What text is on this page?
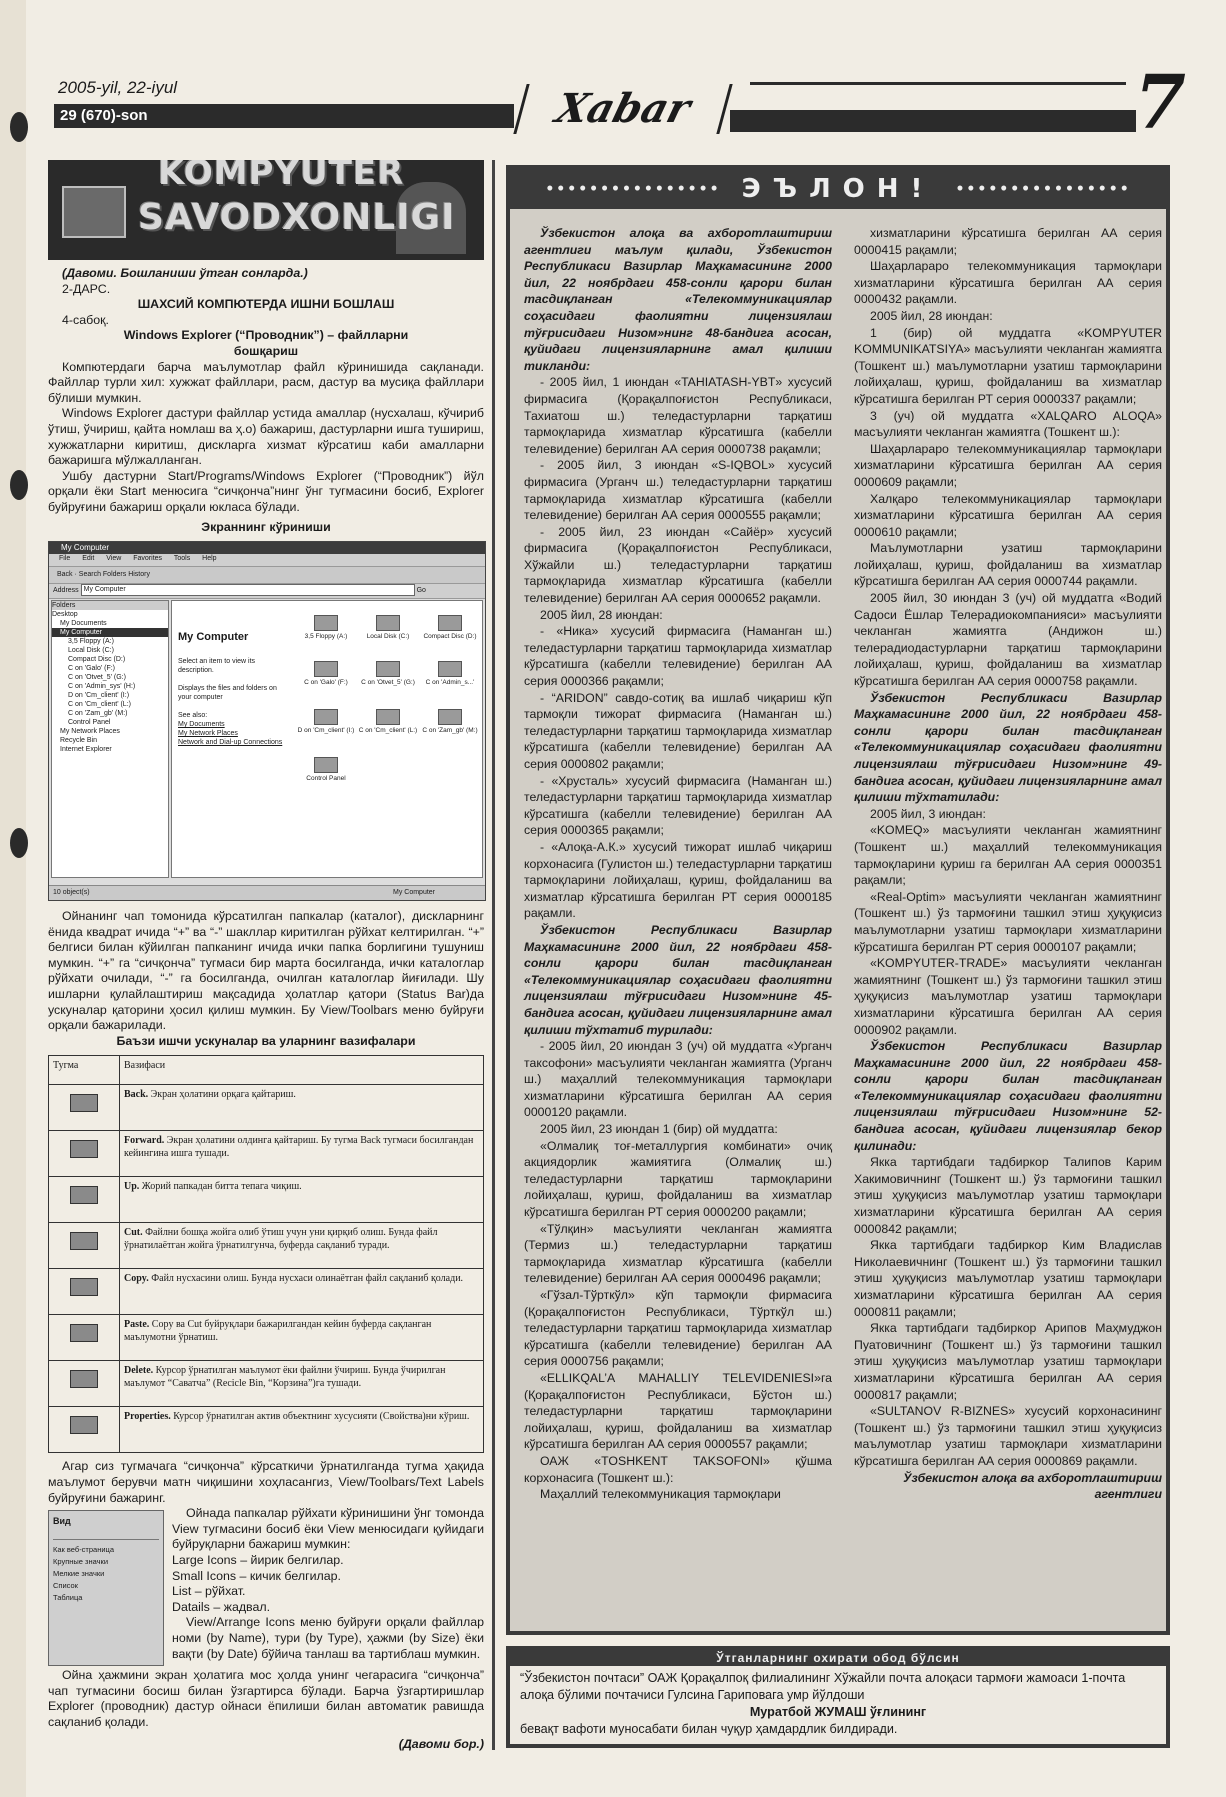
2005-yil, 22-iyul
29 (670)-son	Xabar	7
KOMPYUTER
SAVODXONLIGI

(Давоми. Бошланиши ўтган сонларда.)

2-ДАРС.

ШАХСИЙ КОМПЮТЕРДА ИШНИ БОШЛАШ

4-сабоқ.

Windows Explorer (“Проводник”) – файлларни бошқариш

Компютердаги барча маълумотлар файл кўринишида сақланади. Файллар турли хил: хужжат файллари, расм, дастур ва мусиқа файллари бўлиши мумкин.

Windows Explorer дастури файллар устида амаллар (нусхалаш, кўчириб ўтиш, ўчириш, қайта номлаш ва ҳ.о) бажариш, дастурларни ишга тушириш, хужжатларни киритиш, дискларга хизмат кўрсатиш каби амалларни бажаришга мўлжалланган.

Ушбу дастурни Start/Programs/Windows Explorer (“Проводник”) йўл орқали ёки Start менюсига “сичқонча”нинг ўнг тугмасини босиб, Explorer буйруғини бажариш орқали юкласа бўлади.

Экраннинг кўриниши

My Computer
File Edit View Favorites Tools Help
Back · Search Folders History
Address My Computer	Go
Folders
Desktop
My Documents
My Computer
3,5 Floppy (A:)
Local Disk (C:)
Compact Disc (D:)
C on 'Galo' (F:)
C on 'Otvet_5' (G:)
C on 'Admin_sys' (H:)
D on 'Cm_client' (I:)
C on 'Cm_client' (L:)
C on 'Zam_gb' (M:)
Control Panel
My Network Places
Recycle Bin
Internet Explorer
My Computer
Select an item to view its description.

Displays the files and folders on your computer

See also:
My Documents
My Network Places
Network and Dial-up Connections
3,5 Floppy (A:)	Local Disk (C:)	Compact Disc (D:)
C on 'Galo' (F:)	C on 'Otvet_5' (G:)	C on 'Admin_s...'
D on 'Cm_client' (I:) C on 'Cm_client' (L:) C on 'Zam_gb' (M:)
Control Panel
10 object(s)	My Computer

Ойнанинг чап томонида кўрсатилган папкалар (каталог), дискларнинг ёнида квадрат ичида “+” ва “-” шакллар киритилган рўйхат келтирилган. “+” белгиси билан кўйилган папканинг ичида ички папка борлигини тушуниш мумкин. “+” га “сичқонча” тугмаси бир марта босилганда, ички каталоглар рўйхати очилади, “-” га босилганда, очилган каталоглар йиғилади. Шу ишларни қулайлаштириш мақсадида ҳолатлар қатори (Status Bar)да ускуналар қаторини ҳосил қилиш мумкин. Бу View/Toolbars меню буйруғи орқали бажарилади.

Баъзи ишчи ускуналар ва уларнинг вазифалари

Тугма	Вазифаси

	Back. Экран ҳолатини орқага қайтариш.

	Forward. Экран ҳолатини олдинга қайтариш. Бу тугма Back тугмаси босилгандан кейингина ишга тушади.

	Up. Жорий папкадан битта тепага чиқиш.

	Cut. Файлни бошқа жойга олиб ўтиш учун уни қирқиб олиш. Бунда файл ўрнатилаётган жойга ўрнатилгунча, буферда сақланиб туради.

	Copy. Файл нусхасини олиш. Бунда нусхаси олинаётган файл сақланиб қолади.

	Paste. Copy ва Cut буйруқлари бажарилгандан кейин буферда сақланган маълумотни ўрнатиш.

	Delete. Курсор ўрнатилган маълумот ёки файлни ўчириш. Бунда ўчирилган маълумот “Саватча” (Recicle Bin, “Корзина”)га тушади.

	Properties. Курсор ўрнатилган актив объектнинг хусусияти (Свойства)ни кўриш.

Агар сиз тугмачага “сичқонча” кўрсаткичи ўрнатилганда тугма ҳақида маълумот берувчи матн чиқишини хоҳласангиз, View/Toolbars/Text Labels буйруғини бажаринг.

Вид
Как веб-страница
Крупные значки
Мелкие значки
Список
Таблица

Ойнада папкалар рўйхати кўринишини ўнг томонда View тугмасини босиб ёки View менюсидаги қуйидаги буйруқларни бажариш мумкин:

Large Icons – йирик белгилар.
Small Icons – кичик белгилар.
List – рўйхат.
Datails – жадвал.

View/Arrange Icons меню буйруғи орқали файллар номи (by Name), тури (by Type), ҳажми (by Size) ёки вақти (by Date) бўйича танлаш ва тартиблаш мумкин.

Ойна ҳажмини экран ҳолатига мос ҳолда унинг чегарасига “сичқонча” чап тугмасини босиш билан ўзгартирса бўлади. Барча ўзгартиришлар Explorer (проводник) дастур ойнаси ёпилиши билан автоматик равишда сақланиб қолади.

(Давоми бор.)

•••••••••••••••• ЭЪЛОН! ••••••••••••••••

Ўзбекистон алоқа ва ахборотлаштириш агентлиги маълум қилади, Ўзбекистон Республикаси Вазирлар Маҳкамасининг 2000 йил, 22 ноябрдаги 458-сонли қарори билан тасдиқланган «Телекоммуникациялар соҳасидаги фаолиятни лицензиялаш тўғрисидаги Низом»нинг 48-бандига асосан, қуйидаги лицензияларнинг амал қилиши тикланди:

- 2005 йил, 1 июндан «TAHIATASH-YBT» хусусий фирмасига (Қорақалпоғистон Республикаси, Тахиатош ш.) теледастурларни тарқатиш тармоқларида хизматлар кўрсатишга (кабелли телевидение) берилган АА серия 0000738 рақамли;

- 2005 йил, 3 июндан «S-IQBOL» хусусий фирмасига (Урганч ш.) теледастурларни тарқатиш тармоқларида хизматлар кўрсатишга (кабелли телевидение) берилган АА серия 0000555 рақамли;

- 2005 йил, 23 июндан «Сайёр» хусусий фирмасига (Қорақалпоғистон Республикаси, Хўжайли ш.) теледастурларни тарқатиш тармоқларида хизматлар кўрсатишга (кабелли телевидение) берилган АА серия 0000652 рақамли.

2005 йил, 28 июндан:

- «Ника» хусусий фирмасига (Наманган ш.) теледастурларни тарқатиш тармоқларида хизматлар кўрсатишга (кабелли телевидение) берилган АА серия 0000366 рақамли;

- “ARIDON” савдо-сотиқ ва ишлаб чиқариш кўп тармоқли тижорат фирмасига (Наманган ш.) теледастурларни тарқатиш тармоқларида хизматлар кўрсатишга (кабелли телевидение) берилган АА серия 0000802 рақамли;

- «Хрусталь» хусусий фирмасига (Наманган ш.) теледастурларни тарқатиш тармоқларида хизматлар кўрсатишга (кабелли телевидение) берилган АА серия 0000365 рақамли;

- «Алоқа-А.К.» хусусий тижорат ишлаб чиқариш корхонасига (Гулистон ш.) теледастурларни тарқатиш тармоқларини лойиҳалаш, қуриш, фойдаланиш ва хизматлар кўрсатишга берилган РТ серия 0000185 рақамли.

Ўзбекистон Республикаси Вазирлар Маҳкамасининг 2000 йил, 22 ноябрдаги 458-сонли қарори билан тасдиқланган «Телекоммуникациялар соҳасидаги фаолиятни лицензиялаш тўғрисидаги Низом»нинг 45-бандига асосан, қуйидаги лицензияларнинг амал қилиши тўхтатиб турилади:

- 2005 йил, 20 июндан 3 (уч) ой муддатга «Урганч таксофони» масъулияти чекланган жамиятга (Урганч ш.) маҳаллий телекоммуникация тармоқлари хизматларини кўрсатишга берилган АА серия 0000120 рақамли.

2005 йил, 23 июндан 1 (бир) ой муддатга:

«Олмалиқ тоғ-металлургия комбинати» очиқ акциядорлик жамиятига (Олмалиқ ш.) теледастурларни тарқатиш тармоқларини лойиҳалаш, қуриш, фойдаланиш ва хизматлар кўрсатишга берилган РТ серия 0000200 рақамли;

«Тўлқин» масъулияти чекланган жамиятга (Термиз ш.) теледастурларни тарқатиш тармоқларида хизматлар кўрсатишга (кабелли телевидение) берилган АА серия 0000496 рақамли;

«Гўзал-Тўрткўл» кўп тармоқли фирмасига (Қорақалпоғистон Республикаси, Тўрткўл ш.) теледастурларни тарқатиш тармоқларида хизматлар кўрсатишга (кабелли телевидение) берилган АА серия 0000756 рақамли;

«ELLIKQAL’A MAHALLIY TELEVIDENIESI»га (Қорақалпоғистон Республикаси, Бўстон ш.) теледастурларни тарқатиш тармоқларини лойиҳалаш, қуриш, фойдаланиш ва хизматлар кўрсатишга берилган АА серия 0000557 рақамли;

ОАЖ «TOSHKENT TAKSOFONI» қўшма корхонасига (Тошкент ш.):

Маҳаллий телекоммуникация тармоқлари

хизматларини кўрсатишга берилган АА серия 0000415 рақамли;

Шаҳарлараро телекоммуникация тармоқлари хизматларини кўрсатишга берилган АА серия 0000432 рақамли.

2005 йил, 28 июндан:

1 (бир) ой муддатга «KOMPYUTER KOMMUNIKATSIYA» масъулияти чекланган жамиятга (Тошкент ш.) маълумотларни узатиш тармоқларини лойиҳалаш, қуриш, фойдаланиш ва хизматлар кўрсатишга берилган РТ серия 0000337 рақамли;

3 (уч) ой муддатга «XALQARO ALOQA» масъулияти чекланган жамиятга (Тошкент ш.):

Шаҳарлараро телекоммуникациялар тармоқлари хизматларини кўрсатишга берилган АА серия 0000609 рақамли;

Халқаро телекоммуникациялар тармоқлари хизматларини кўрсатишга берилган АА серия 0000610 рақамли;

Маълумотларни узатиш тармоқларини лойиҳалаш, қуриш, фойдаланиш ва хизматлар кўрсатишга берилган АА серия 0000744 рақамли.

2005 йил, 30 июндан 3 (уч) ой муддатга «Водий Садоси Ёшлар Телерадиокомпанияси» масъулияти чекланган жамиятга (Андижон ш.) телерадиодастурларни тарқатиш тармоқларини лойиҳалаш, қуриш, фойдаланиш ва хизматлар кўрсатишга берилган АА серия 0000758 рақамли.

Ўзбекистон Республикаси Вазирлар Маҳкамасининг 2000 йил, 22 ноябрдаги 458-сонли қарори билан тасдиқланган «Телекоммуникациялар соҳасидаги фаолиятни лицензиялаш тўғрисидаги Низом»нинг 49-бандига асосан, қуйидаги лицензияларнинг амал қилиши тўхтатилади:

2005 йил, 3 июндан:

«KOMEQ» масъулияти чекланган жамиятнинг (Тошкент ш.) маҳаллий телекоммуникация тармоқларини қуриш га берилган АА серия 0000351 рақамли;

«Real-Optim» масъулияти чекланган жамиятнинг (Тошкент ш.) ўз тармоғини ташкил этиш ҳуқуқисиз маълумотларни узатиш тармоқлари хизматларини кўрсатишга берилган РТ серия 0000107 рақамли;

«KOMPYUTER-TRADE» масъулияти чекланган жамиятнинг (Тошкент ш.) ўз тармоғини ташкил этиш ҳуқуқисиз маълумотлар узатиш тармоқлари хизматларини кўрсатишга берилган АА серия 0000902 рақамли.

Ўзбекистон Республикаси Вазирлар Маҳкамасининг 2000 йил, 22 ноябрдаги 458-сонли қарори билан тасдиқланган «Телекоммуникациялар соҳасидаги фаолиятни лицензиялаш тўғрисидаги Низом»нинг 52-бандига асосан, қуйидаги лицензиялар бекор қилинади:

Якка тартибдаги тадбиркор Талипов Карим Хакимовичнинг (Тошкент ш.) ўз тармоғини ташкил этиш ҳуқуқисиз маълумотлар узатиш тармоқлари хизматларини кўрсатишга берилган АА серия 0000842 рақамли;

Якка тартибдаги тадбиркор Ким Владислав Николаевичнинг (Тошкент ш.) ўз тармоғини ташкил этиш ҳуқуқисиз маълумотлар узатиш тармоқлари хизматларини кўрсатишга берилган АА серия 0000811 рақамли;

Якка тартибдаги тадбиркор Арипов Маҳмуджон Пуатовичнинг (Тошкент ш.) ўз тармоғини ташкил этиш ҳуқуқисиз маълумотлар узатиш тармоқлари хизматларини кўрсатишга берилган АА серия 0000817 рақамли;

«SULTANOV R-BIZNES» хусусий корхонасининг (Тошкент ш.) ўз тармоғини ташкил этиш ҳуқуқисиз маълумотлар узатиш тармоқлари хизматларини кўрсатишга берилган АА серия 0000869 рақамли.

Ўзбекистон алоқа ва ахборотлаштириш агентлиги

Ўтганларнинг охирати обод бўлсин

“Ўзбекистон почтаси” ОАЖ Қорақалпоқ филиалининг Хўжайли почта алоқаси тармоғи жамоаси 1-почта алоқа бўлими почтачиси Гулсина Гариповага умр йўлдоши

Муратбой ЖУМАШ ўғлининг

бевақт вафоти муносабати билан чуқур ҳамдардлик билдиради.
